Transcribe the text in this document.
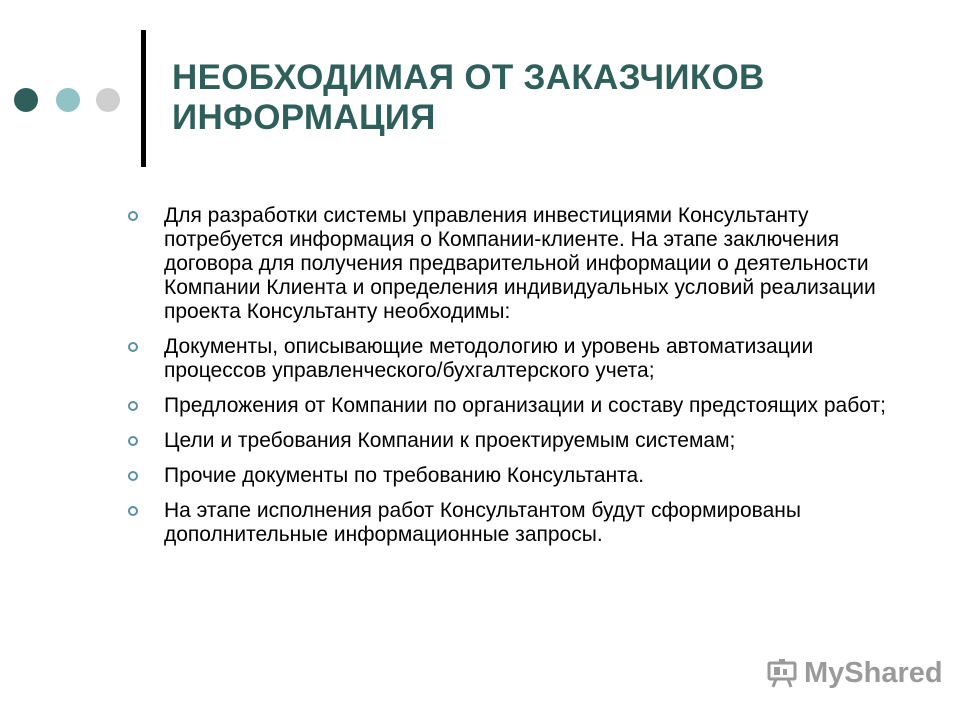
НЕОБХОДИМАЯ ОТ ЗАКАЗЧИКОВ
ИНФОРМАЦИЯ
Для разработки системы управления инвестициями Консультанту потребуется информация о Компании-клиенте. На этапе заключения договора для получения предварительной информации о деятельности Компании Клиента и определения индивидуальных условий реализации проекта Консультанту необходимы:
Документы, описывающие методологию и уровень автоматизации процессов управленческого/бухгалтерского учета;
Предложения от Компании по организации и составу предстоящих работ;
Цели и требования Компании к проектируемым системам;
Прочие документы по требованию Консультанта.
На этапе исполнения работ Консультантом будут сформированы дополнительные информационные запросы.
MyShared
